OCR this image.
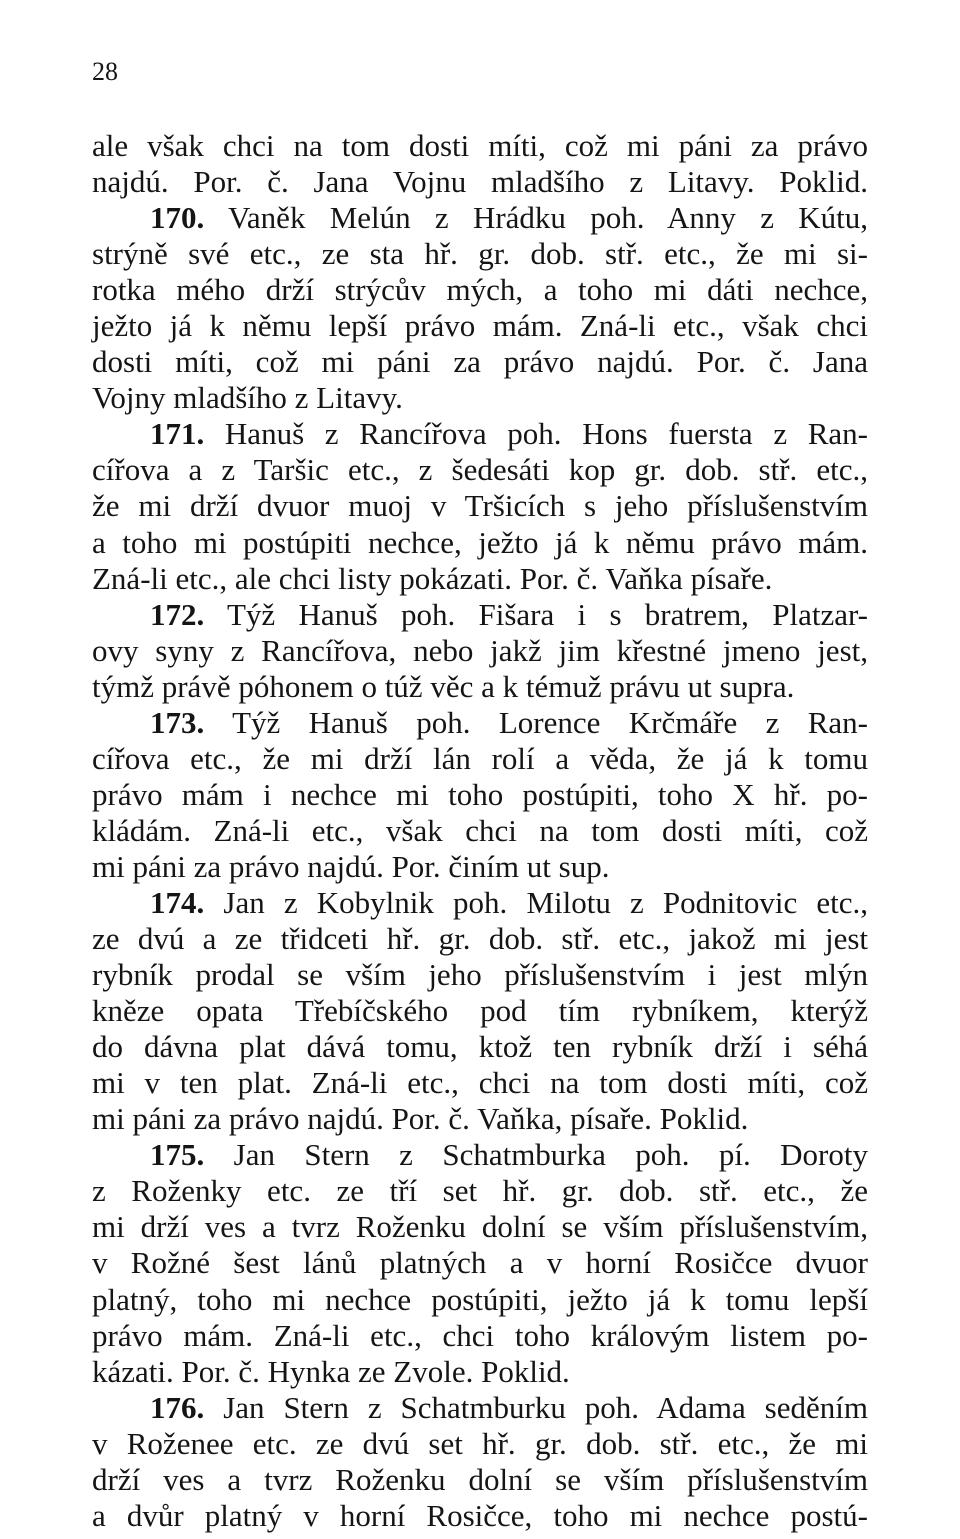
28
ale však chci na tom dosti míti, což mi páni za právo
najdú. Por. č. Jana Vojnu mladšího z Litavy. Poklid.
170. Vaněk Melún z Hrádku poh. Anny z Kútu,
strýně své etc., ze sta hř. gr. dob. stř. etc., že mi si-
rotka mého drží strýcův mých, a toho mi dáti nechce,
ježto já k němu lepší právo mám. Zná-li etc., však chci
dosti míti, což mi páni za právo najdú. Por. č. Jana
Vojny mladšího z Litavy.
171. Hanuš z Rancířova poh. Hons fuersta z Ran-
cířova a z Taršic etc., z šedesáti kop gr. dob. stř. etc.,
že mi drží dvuor muoj v Tršicích s jeho příslušenstvím
a toho mi postúpiti nechce, ježto já k němu právo mám.
Zná-li etc., ale chci listy pokázati. Por. č. Vaňka písaře.
172. Týž Hanuš poh. Fišara i s bratrem, Platzar-
ovy syny z Rancířova, nebo jakž jim křestné jmeno jest,
týmž právě póhonem o túž věc a k témuž právu ut supra.
173. Týž Hanuš poh. Lorence Krčmáře z Ran-
cířova etc., že mi drží lán rolí a věda, že já k tomu
právo mám i nechce mi toho postúpiti, toho X hř. po-
kládám. Zná-li etc., však chci na tom dosti míti, což
mi páni za právo najdú. Por. činím ut sup.
174. Jan z Kobylnik poh. Milotu z Podnitovic etc.,
ze dvú a ze třidceti hř. gr. dob. stř. etc., jakož mi jest
rybník prodal se vším jeho příslušenstvím i jest mlýn
kněze opata Třebíčského pod tím rybníkem, kterýž
do dávna plat dává tomu, ktož ten rybník drží i séhá
mi v ten plat. Zná-li etc., chci na tom dosti míti, což
mi páni za právo najdú. Por. č. Vaňka, písaře. Poklid.
175. Jan Stern z Schatmburka poh. pí. Doroty
z Roženky etc. ze tří set hř. gr. dob. stř. etc., že
mi drží ves a tvrz Roženku dolní se vším příslušenstvím,
v Rožné šest lánů platných a v horní Rosičce dvuor
platný, toho mi nechce postúpiti, ježto já k tomu lepší
právo mám. Zná-li etc., chci toho královým listem po-
kázati. Por. č. Hynka ze Zvole. Poklid.
176. Jan Stern z Schatmburku poh. Adama seděním
v Roženee etc. ze dvú set hř. gr. dob. stř. etc., že mi
drží ves a tvrz Roženku dolní se vším příslušenstvím
a dvůr platný v horní Rosičce, toho mi nechce postú-
